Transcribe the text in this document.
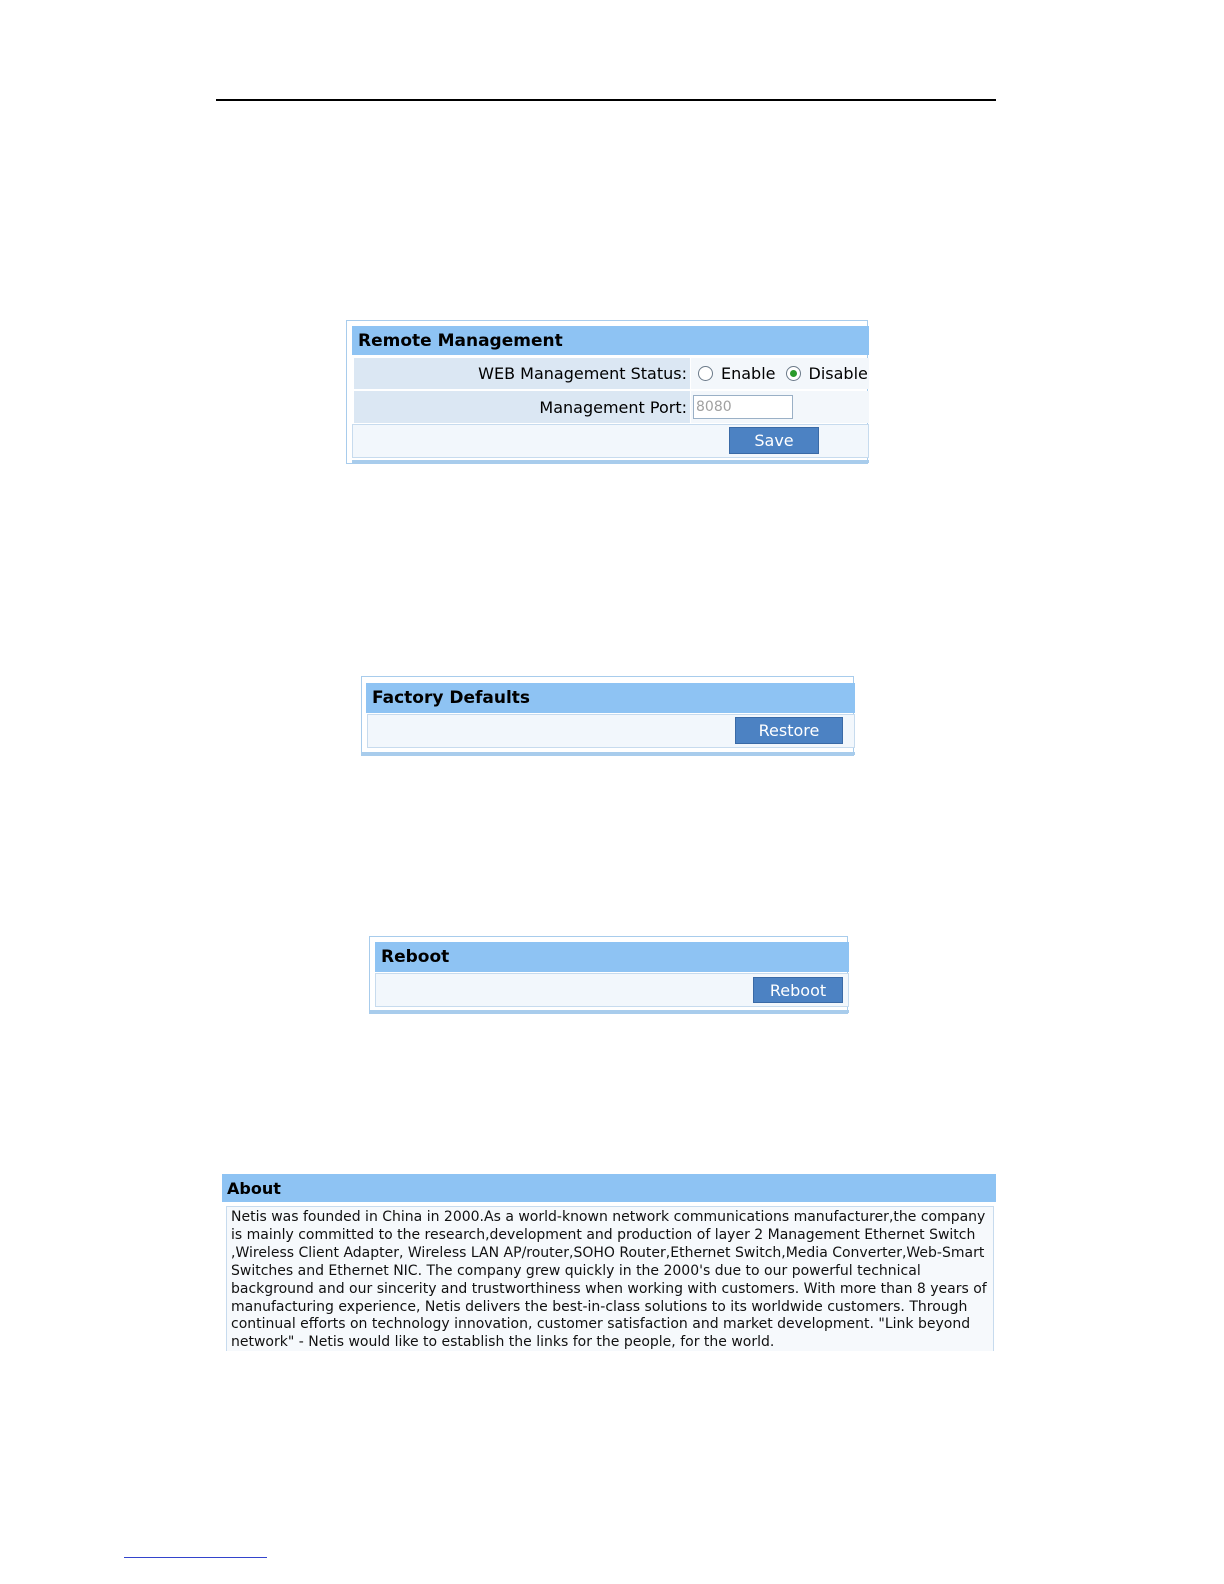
Remote Management
WEB Management Status: Enable Disable
Management Port:
8080
Save
Factory Defaults
Restore
Reboot
Reboot
About
Netis was founded in China in 2000.As a world-known network communications manufacturer,the company is mainly committed to the research,development and production of layer 2 Management Ethernet Switch ,Wireless Client Adapter, Wireless LAN AP/router,SOHO Router,Ethernet Switch,Media Converter,Web-Smart Switches and Ethernet NIC. The company grew quickly in the 2000's due to our powerful technical background and our sincerity and trustworthiness when working with customers. With more than 8 years of manufacturing experience, Netis delivers the best-in-class solutions to its worldwide customers. Through continual efforts on technology innovation, customer satisfaction and market development. "Link beyond network" - Netis would like to establish the links for the people, for the world.
